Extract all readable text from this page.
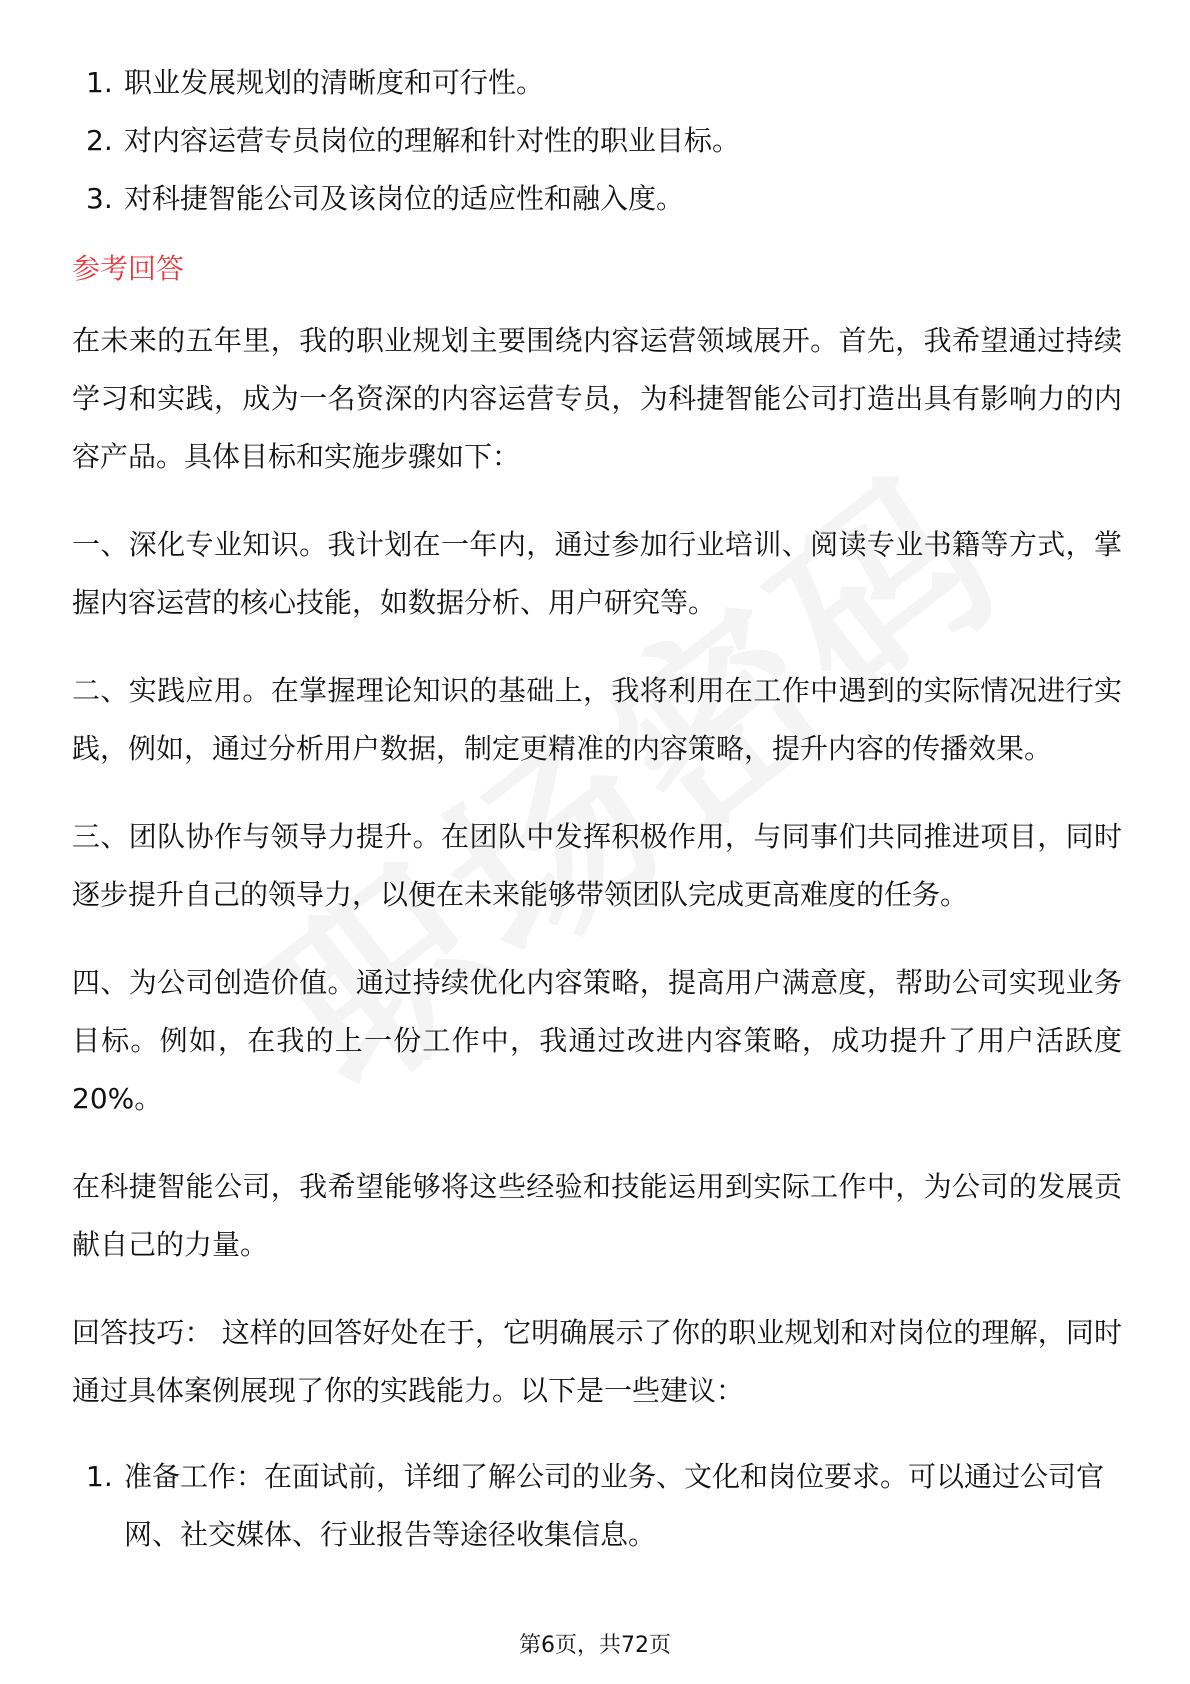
1. 职业发展规划的清晰度和可行性。
2. 对内容运营专员岗位的理解和针对性的职业目标。
3. 对科捷智能公司及该岗位的适应性和融入度。
参考回答

在未来的五年里，我的职业规划主要围绕内容运营领域展开。首先，我希望通过持续学习和实践，成为一名资深的内容运营专员，为科捷智能公司打造出具有影响力的内容产品。具体目标和实施步骤如下：

一、深化专业知识。我计划在一年内，通过参加行业培训、阅读专业书籍等方式，掌握内容运营的核心技能，如数据分析、用户研究等。

二、实践应用。在掌握理论知识的基础上，我将利用在工作中遇到的实际情况进行实践，例如，通过分析用户数据，制定更精准的内容策略，提升内容的传播效果。

三、团队协作与领导力提升。在团队中发挥积极作用，与同事们共同推进项目，同时逐步提升自己的领导力，以便在未来能够带领团队完成更高难度的任务。

四、为公司创造价值。通过持续优化内容策略，提高用户满意度，帮助公司实现业务目标。例如，在我的上一份工作中，我通过改进内容策略，成功提升了用户活跃度20%。

在科捷智能公司，我希望能够将这些经验和技能运用到实际工作中，为公司的发展贡献自己的力量。

回答技巧： 这样的回答好处在于，它明确展示了你的职业规划和对岗位的理解，同时通过具体案例展现了你的实践能力。以下是一些建议：

1. 准备工作：在面试前，详细了解公司的业务、文化和岗位要求。可以通过公司官网、社交媒体、行业报告等途径收集信息。
第6页，共72页
